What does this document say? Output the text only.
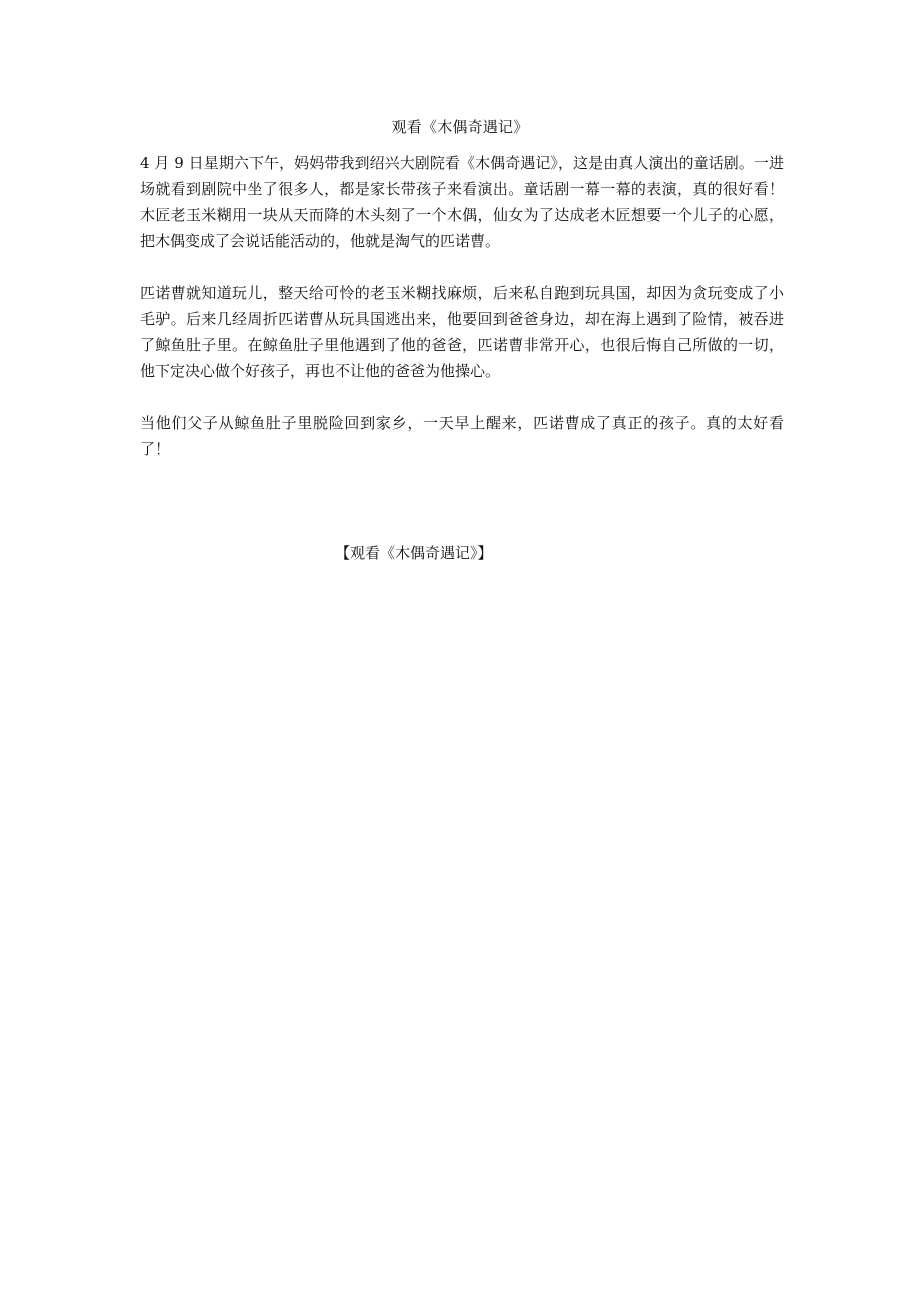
观看《木偶奇遇记》

4 月 9 日星期六下午，妈妈带我到绍兴大剧院看《木偶奇遇记》，这是由真人演出的童话剧。一进场就看到剧院中坐了很多人，都是家长带孩子来看演出。童话剧一幕一幕的表演，真的很好看！木匠老玉米糊用一块从天而降的木头刻了一个木偶，仙女为了达成老木匠想要一个儿子的心愿，把木偶变成了会说话能活动的，他就是淘气的匹诺曹。

匹诺曹就知道玩儿，整天给可怜的老玉米糊找麻烦，后来私自跑到玩具国，却因为贪玩变成了小毛驴。后来几经周折匹诺曹从玩具国逃出来，他要回到爸爸身边，却在海上遇到了险情，被吞进了鲸鱼肚子里。在鲸鱼肚子里他遇到了他的爸爸，匹诺曹非常开心，也很后悔自己所做的一切，他下定决心做个好孩子，再也不让他的爸爸为他操心。

当他们父子从鲸鱼肚子里脱险回到家乡，一天早上醒来，匹诺曹成了真正的孩子。真的太好看了！

【观看《木偶奇遇记》】
